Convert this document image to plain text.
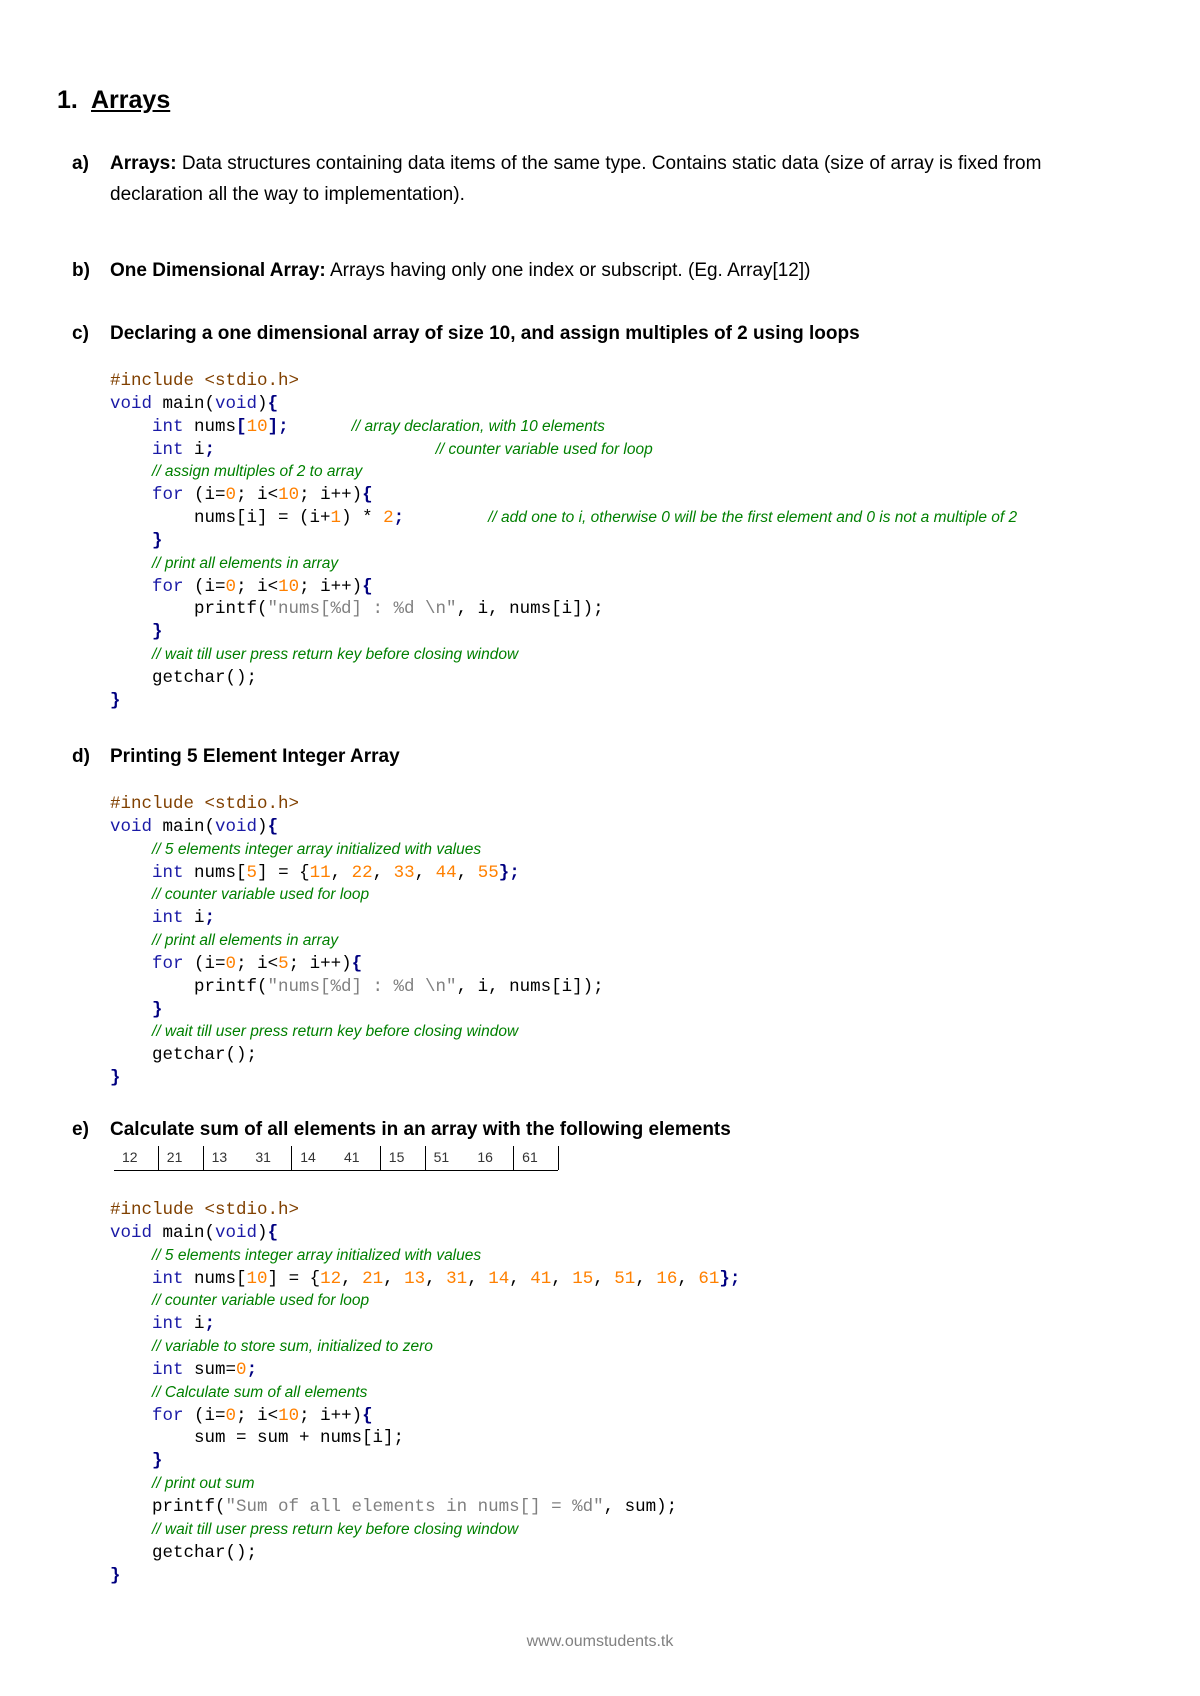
1. Arrays
a) Arrays: Data structures containing data items of the same type. Contains static data (size of array is fixed from declaration all the way to implementation).
b) One Dimensional Array: Arrays having only one index or subscript. (Eg. Array[12])
c) Declaring a one dimensional array of size 10, and assign multiples of 2 using loops
#include <stdio.h>
void main(void){
int nums[10];	// array declaration, with 10 elements
int i;	// counter variable used for loop
// assign multiples of 2 to array
for (i=0; i<10; i++){
nums[i] = (i+1) * 2;	// add one to i, otherwise 0 will be the first element and 0 is not a multiple of 2
}
// print all elements in array
for (i=0; i<10; i++){
printf("nums[%d] : %d \n", i, nums[i]);
}
// wait till user press return key before closing window
getchar();
}
d) Printing 5 Element Integer Array
#include <stdio.h>
void main(void){
// 5 elements integer array initialized with values
int nums[5] = {11, 22, 33, 44, 55};
// counter variable used for loop
int i;
// print all elements in array
for (i=0; i<5; i++){
printf("nums[%d] : %d \n", i, nums[i]);
}
// wait till user press return key before closing window
getchar();
}
e) Calculate sum of all elements in an array with the following elements
12	21	13	31	14	41	15	51	16	61
#include <stdio.h>
void main(void){
// 5 elements integer array initialized with values
int nums[10] = {12, 21, 13, 31, 14, 41, 15, 51, 16, 61};
// counter variable used for loop
int i;
// variable to store sum, initialized to zero
int sum=0;
// Calculate sum of all elements
for (i=0; i<10; i++){
sum = sum + nums[i];
}
// print out sum
printf("Sum of all elements in nums[] = %d", sum);
// wait till user press return key before closing window
getchar();
}
www.oumstudents.tk
